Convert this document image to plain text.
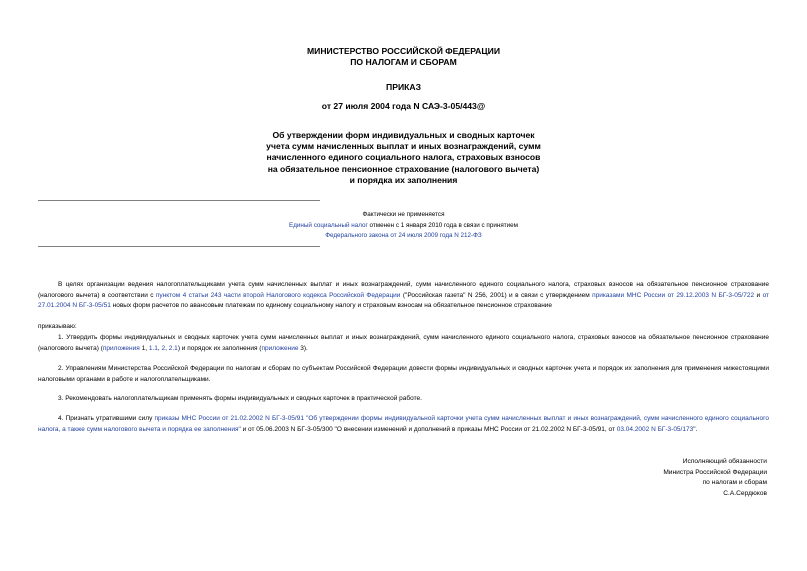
МИНИСТЕРСТВО РОССИЙСКОЙ ФЕДЕРАЦИИ
ПО НАЛОГАМ И СБОРАМ
ПРИКАЗ
от 27 июля 2004 года N САЭ-3-05/443@
Об утверждении форм индивидуальных и сводных карточек
учета сумм начисленных выплат и иных вознаграждений, сумм
начисленного единого социального налога, страховых взносов
на обязательное пенсионное страхование (налогового вычета)
и порядка их заполнения
Фактически не применяется
Единый социальный налог отменен с 1 января 2010 года в связи с принятием
Федерального закона от 24 июля 2009 года N 212-ФЗ
В целях организации ведения налогоплательщиками учета сумм начисленных выплат и иных вознаграждений, сумм начисленного единого социального налога, страховых взносов на обязательное пенсионное страхование (налогового вычета) в соответствии с пунктом 4 статьи 243 части второй Налогового кодекса Российской Федерации ("Российская газета" N 256, 2001) и в связи с утверждением приказами МНС России от 29.12.2003 N БГ-3-05/722 и от 27.01.2004 N БГ-3-05/51 новых форм расчетов по авансовым платежам по единому социальному налогу и страховым взносам на обязательное пенсионное страхование
приказываю:
1. Утвердить формы индивидуальных и сводных карточек учета сумм начисленных выплат и иных вознаграждений, сумм начисленного единого социального налога, страховых взносов на обязательное пенсионное страхование (налогового вычета) (приложения 1, 1.1, 2, 2.1) и порядок их заполнения (приложение 3).
2. Управлениям Министерства Российской Федерации по налогам и сборам по субъектам Российской Федерации довести формы индивидуальных и сводных карточек учета и порядок их заполнения для применения нижестоящими налоговыми органами в работе и налогоплательщиками.
3. Рекомендовать налогоплательщикам применять формы индивидуальных и сводных карточек в практической работе.
4. Признать утратившими силу приказы МНС России от 21.02.2002 N БГ-3-05/91 "Об утверждении формы индивидуальной карточки учета сумм начисленных выплат и иных вознаграждений, сумм начисленного единого социального налога, а также сумм налогового вычета и порядка ее заполнения" и от 05.06.2003 N БГ-3-05/300 "О внесении изменений и дополнений в приказы МНС России от 21.02.2002 N БГ-3-05/91, от 03.04.2002 N БГ-3-05/173".
Исполняющий обязанности
Министра Российской Федерации
по налогам и сборам
С.А.Сердюков
